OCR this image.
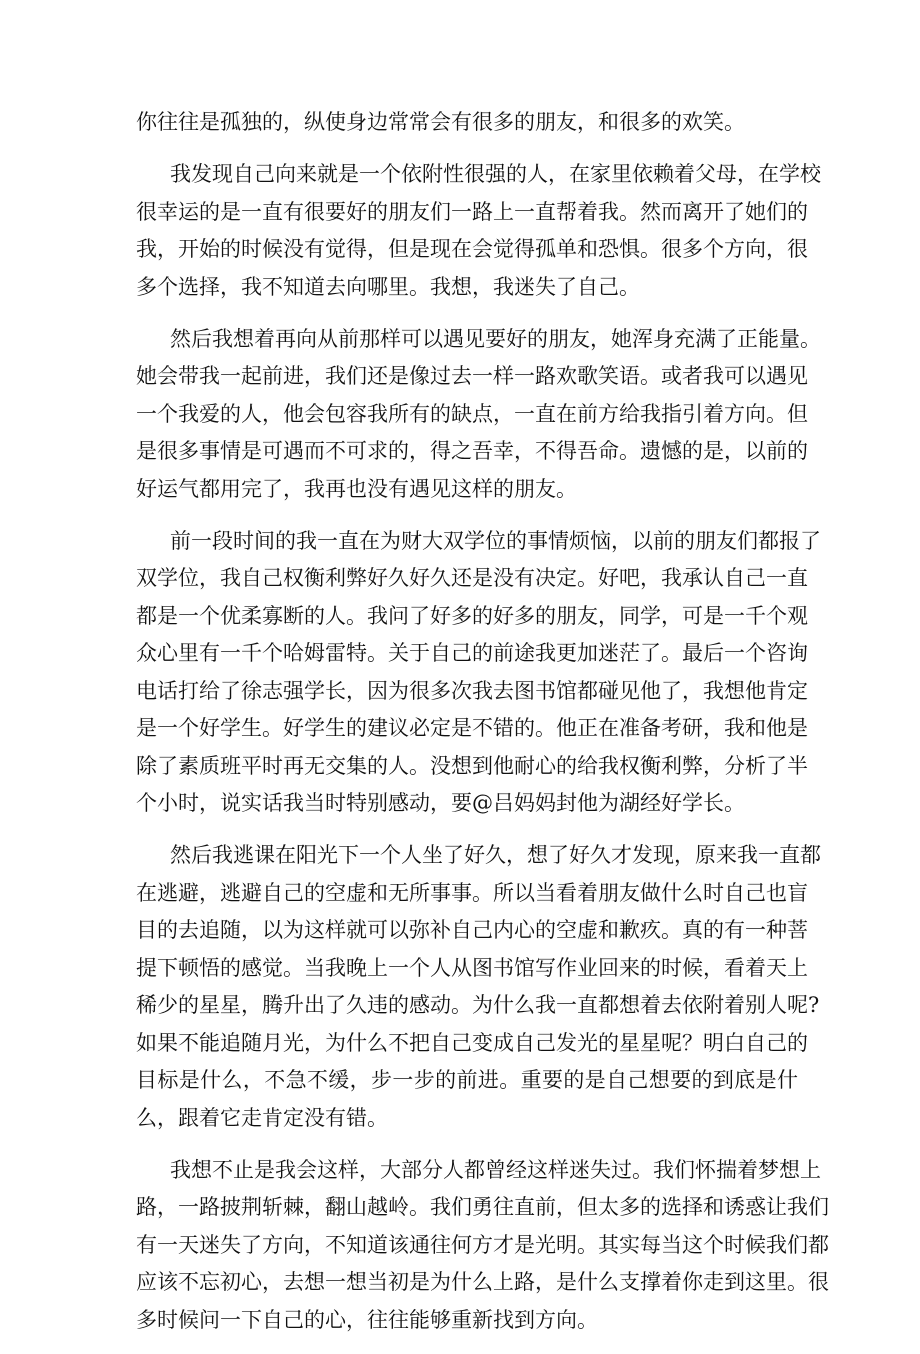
你往往是孤独的，纵使身边常常会有很多的朋友，和很多的欢笑。
我发现自己向来就是一个依附性很强的人，在家里依赖着父母，在学校
很幸运的是一直有很要好的朋友们一路上一直帮着我。然而离开了她们的
我，开始的时候没有觉得，但是现在会觉得孤单和恐惧。很多个方向，很
多个选择，我不知道去向哪里。我想，我迷失了自己。
然后我想着再向从前那样可以遇见要好的朋友，她浑身充满了正能量。
她会带我一起前进，我们还是像过去一样一路欢歌笑语。或者我可以遇见
一个我爱的人，他会包容我所有的缺点，一直在前方给我指引着方向。但
是很多事情是可遇而不可求的，得之吾幸，不得吾命。遗憾的是，以前的
好运气都用完了，我再也没有遇见这样的朋友。
前一段时间的我一直在为财大双学位的事情烦恼，以前的朋友们都报了
双学位，我自己权衡利弊好久好久还是没有决定。好吧，我承认自己一直
都是一个优柔寡断的人。我问了好多的好多的朋友，同学，可是一千个观
众心里有一千个哈姆雷特。关于自己的前途我更加迷茫了。最后一个咨询
电话打给了徐志强学长，因为很多次我去图书馆都碰见他了，我想他肯定
是一个好学生。好学生的建议必定是不错的。他正在准备考研，我和他是
除了素质班平时再无交集的人。没想到他耐心的给我权衡利弊，分析了半
个小时，说实话我当时特别感动，要@吕妈妈封他为湖经好学长。
然后我逃课在阳光下一个人坐了好久，想了好久才发现，原来我一直都
在逃避，逃避自己的空虚和无所事事。所以当看着朋友做什么时自己也盲
目的去追随，以为这样就可以弥补自己内心的空虚和歉疚。真的有一种菩
提下顿悟的感觉。当我晚上一个人从图书馆写作业回来的时候，看着天上
稀少的星星，腾升出了久违的感动。为什么我一直都想着去依附着别人呢?
如果不能追随月光，为什么不把自己变成自己发光的星星呢？明白自己的
目标是什么，不急不缓，步一步的前进。重要的是自己想要的到底是什
么，跟着它走肯定没有错。
我想不止是我会这样，大部分人都曾经这样迷失过。我们怀揣着梦想上
路，一路披荆斩棘，翻山越岭。我们勇往直前，但太多的选择和诱惑让我们
有一天迷失了方向，不知道该通往何方才是光明。其实每当这个时候我们都
应该不忘初心，去想一想当初是为什么上路，是什么支撑着你走到这里。很
多时候问一下自己的心，往往能够重新找到方向。
